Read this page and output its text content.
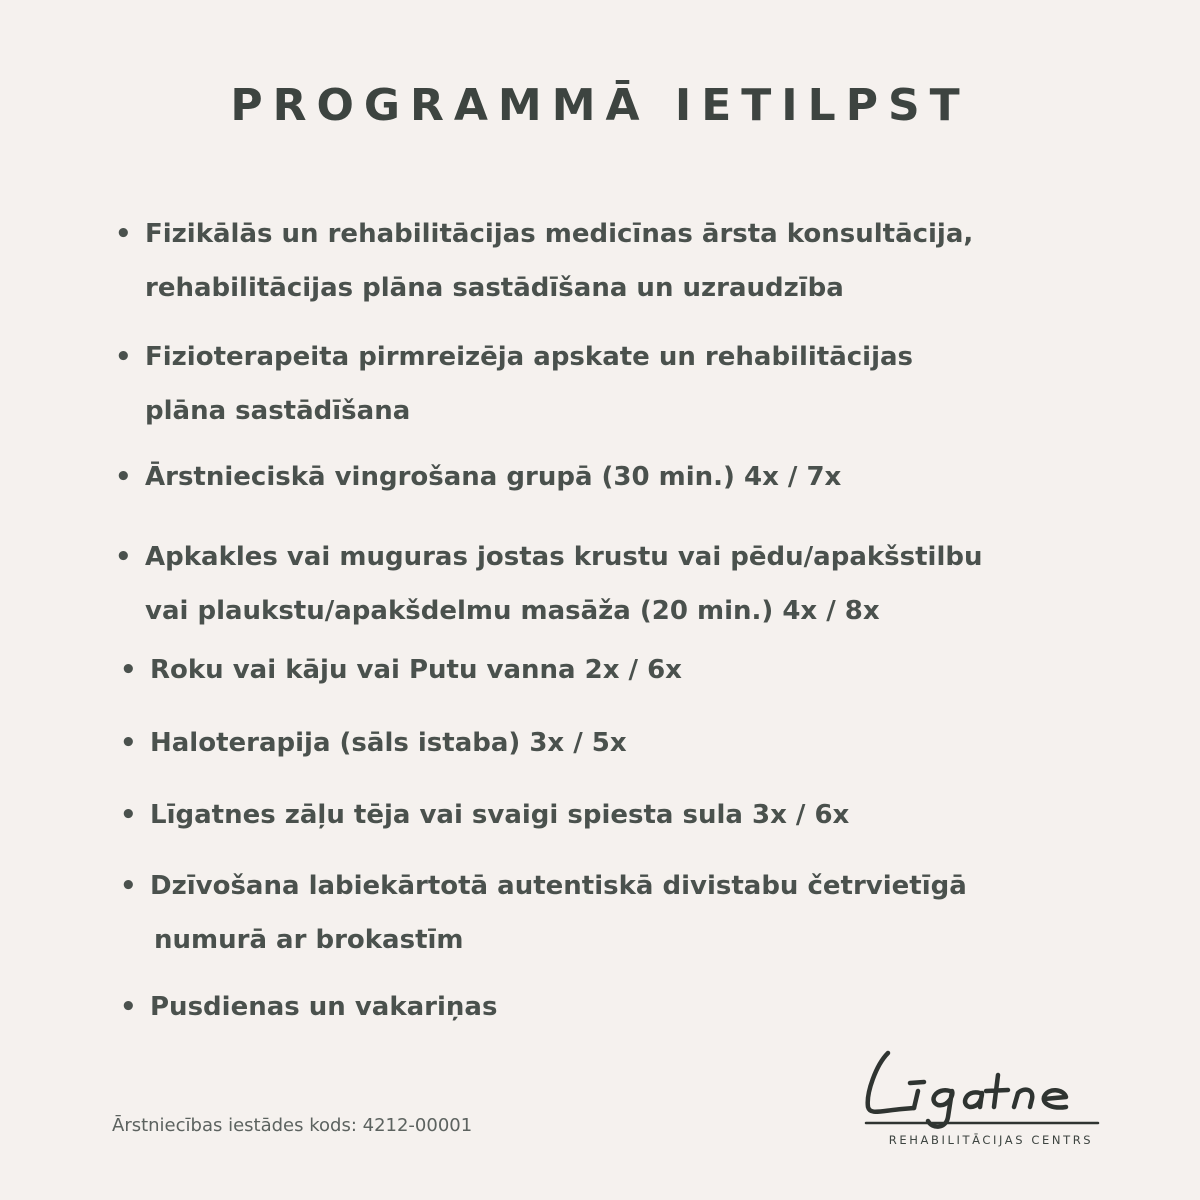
PROGRAMMĀ IETILPST
• Fizikālās un rehabilitācijas medicīnas ārsta konsultācija,
rehabilitācijas plāna sastādīšana un uzraudzība
• Fizioterapeita pirmreizēja apskate un rehabilitācijas
plāna sastādīšana
• Ārstnieciskā vingrošana grupā (30 min.) 4x / 7x
• Apkakles vai muguras jostas krustu vai pēdu/apakšstilbu
vai plaukstu/apakšdelmu masāža (20 min.) 4x / 8x
• Roku vai kāju vai Putu vanna 2x / 6x
• Haloterapija (sāls istaba) 3x / 5x
• Līgatnes zāļu tēja vai svaigi spiesta sula 3x / 6x
• Dzīvošana labiekārtotā autentiskā divistabu četrvietīgā
numurā ar brokastīm
• Pusdienas un vakariņas
Ārstniecības iestādes kods: 4212-00001
REHABILITĀCIJAS CENTRS
